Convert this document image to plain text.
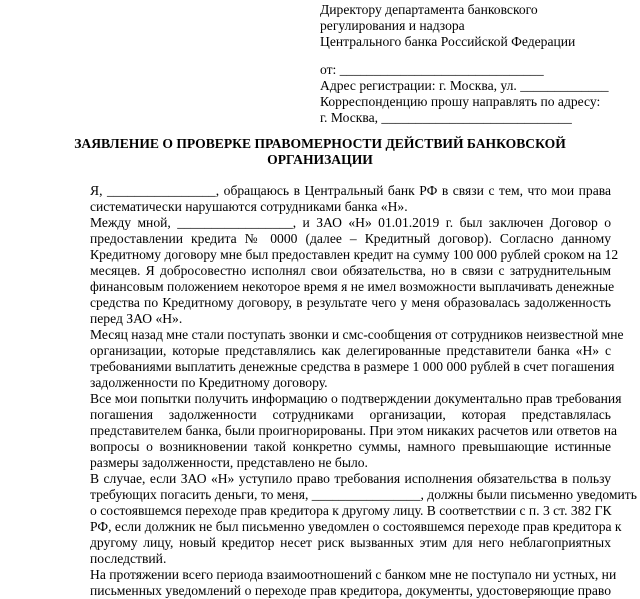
Директору департамента банковского
регулирования и надзора
Центрального банка Российской Федерации
от: ______________________________
Адрес регистрации: г. Москва, ул. _____________
Корреспонденцию прошу направлять по адресу:
г. Москва, ____________________________
ЗАЯВЛЕНИЕ О ПРОВЕРКЕ ПРАВОМЕРНОСТИ ДЕЙСТВИЙ БАНКОВСКОЙ
ОРГАНИЗАЦИИ
Я, ________________, обращаюсь в Центральный банк РФ в связи с тем, что мои права
систематически нарушаются сотрудниками банка «Н».
Между мной, _________________, и ЗАО «Н» 01.01.2019 г. был заключен Договор о
предоставлении кредита № 0000 (далее – Кредитный договор). Согласно данному
Кредитному договору мне был предоставлен кредит на сумму 100 000 рублей сроком на 12
месяцев. Я добросовестно исполнял свои обязательства, но в связи с затруднительным
финансовым положением некоторое время я не имел возможности выплачивать денежные
средства по Кредитному договору, в результате чего у меня образовалась задолженность
перед ЗАО «Н».
Месяц назад мне стали поступать звонки и смс-сообщения от сотрудников неизвестной мне
организации, которые представлялись как делегированные представители банка «Н» с
требованиями выплатить денежные средства в размере 1 000 000 рублей в счет погашения
задолженности по Кредитному договору.
Все мои попытки получить информацию о подтверждении документально прав требования
погашения задолженности сотрудниками организации, которая представлялась
представителем банка, были проигнорированы. При этом никаких расчетов или ответов на
вопросы о возникновении такой конкретно суммы, намного превышающие истинные
размеры задолженности, представлено не было.
В случае, если ЗАО «Н» уступило право требования исполнения обязательства в пользу
требующих погасить деньги, то меня, ________________, должны были письменно уведомить
о состоявшемся переходе прав кредитора к другому лицу. В соответствии с п. 3 ст. 382 ГК
РФ, если должник не был письменно уведомлен о состоявшемся переходе прав кредитора к
другому лицу, новый кредитор несет риск вызванных этим для него неблагоприятных
последствий.
На протяжении всего периода взаимоотношений с банком мне не поступало ни устных, ни
письменных уведомлений о переходе прав кредитора, документы, удостоверяющие право
